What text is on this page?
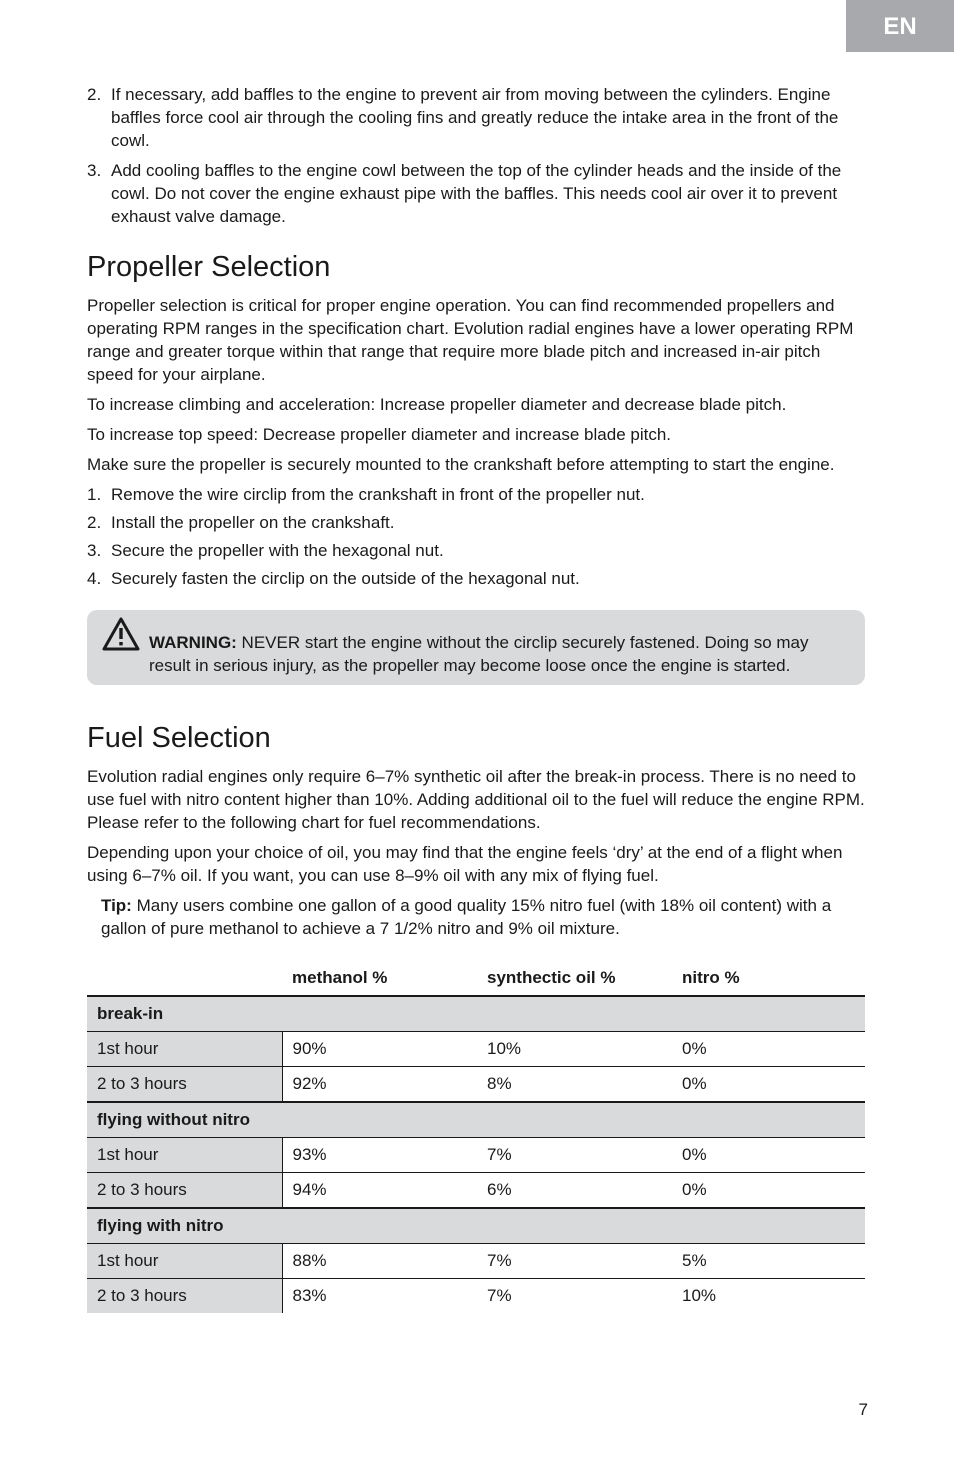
EN
2. If necessary, add baffles to the engine to prevent air from moving between the cylinders. Engine baffles force cool air through the cooling fins and greatly reduce the intake area in the front of the cowl.
3. Add cooling baffles to the engine cowl between the top of the cylinder heads and the inside of the cowl. Do not cover the engine exhaust pipe with the baffles. This needs cool air over it to prevent exhaust valve damage.
Propeller Selection

Propeller selection is critical for proper engine operation. You can find recommended propellers and operating RPM ranges in the specification chart. Evolution radial engines have a lower operating RPM range and greater torque within that range that require more blade pitch and increased in-air pitch speed for your airplane.

To increase climbing and acceleration: Increase propeller diameter and decrease blade pitch.

To increase top speed: Decrease propeller diameter and increase blade pitch.

Make sure the propeller is securely mounted to the crankshaft before attempting to start the engine.

1. Remove the wire circlip from the crankshaft in front of the propeller nut.
2. Install the propeller on the crankshaft.
3. Secure the propeller with the hexagonal nut.
4. Securely fasten the circlip on the outside of the hexagonal nut.
WARNING: NEVER start the engine without the circlip securely fastened. Doing so may result in serious injury, as the propeller may become loose once the engine is started.
Fuel Selection

Evolution radial engines only require 6–7% synthetic oil after the break-in process. There is no need to use fuel with nitro content higher than 10%. Adding additional oil to the fuel will reduce the engine RPM. Please refer to the following chart for fuel recommendations.

Depending upon your choice of oil, you may find that the engine feels ‘dry’ at the end of a flight when using 6–7% oil. If you want, you can use 8–9% oil with any mix of flying fuel.

Tip: Many users combine one gallon of a good quality 15% nitro fuel (with 18% oil content) with a gallon of pure methanol to achieve a 7 1/2% nitro and 9% oil mixture.

	methanol %	synthectic oil %	nitro %
break-in			
1st hour	90%	10%	0%
2 to 3 hours	92%	8%	0%
flying without nitro			
1st hour	93%	7%	0%
2 to 3 hours	94%	6%	0%
flying with nitro			
1st hour	88%	7%	5%
2 to 3 hours	83%	7%	10%
7
